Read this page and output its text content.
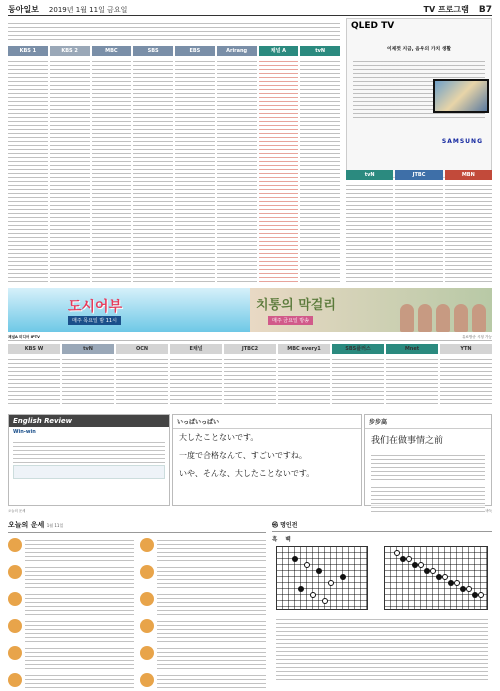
동아일보 2019년 1월 11일 금요일	TV 프로그램 B7
KBS 1	KBS 2	MBC	SBS	EBS	Arirang	채널 A	tvN
QLED TV
이제껏 지금, 음우의 가치 생활
SAMSUNG
tvN	JTBC	MBN
도시어부
매주 목요일 밤 11시
치통의 막걸리
매주 금요일 방송
채널A 미디어 IPTV	유료방송 시청 가능
KBS W	tvN	OCN	E채널	JTBC2	MBC every1	SBS플러스	Mnet	YTN
English Review
Win-win
いっぱいっぱい
大したことないです。
一度で合格なんて、すごいですね。
いや、そんな、大したことないです。
步步高
我们在做事情之前
오늘의 운세	바둑
오늘의 운세 1월 11일	㉿ 명인전
흑 백
